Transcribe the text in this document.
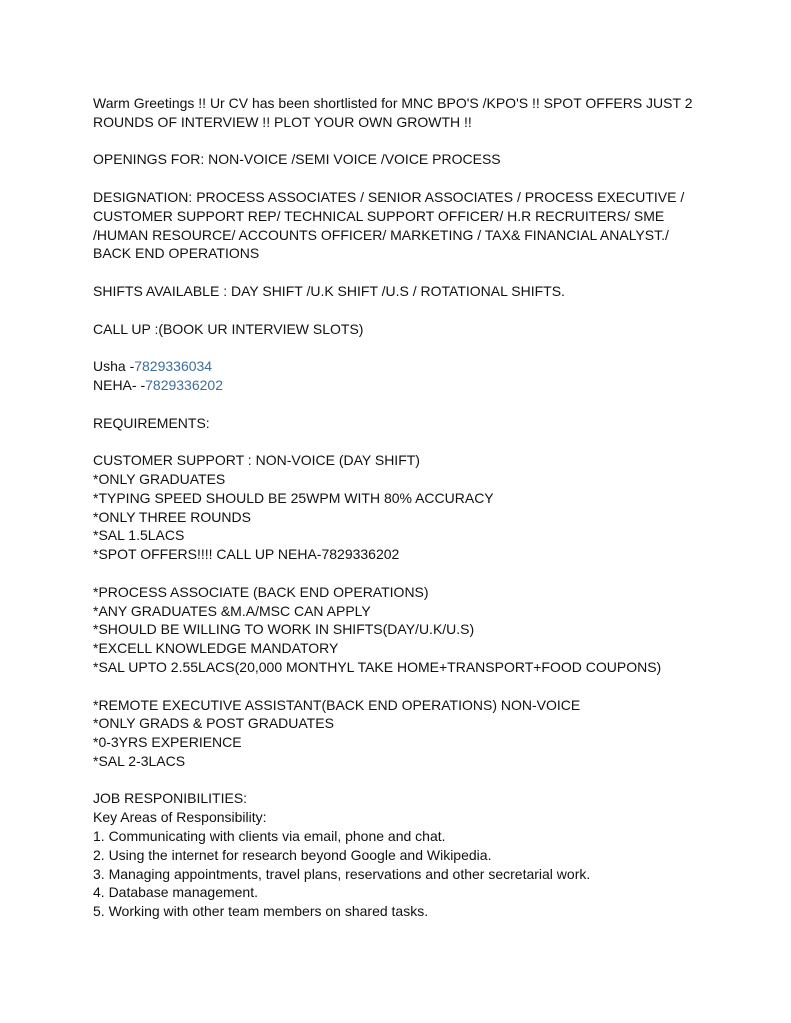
Warm Greetings !! Ur CV has been shortlisted for MNC BPO'S /KPO'S !! SPOT OFFERS JUST 2 ROUNDS OF INTERVIEW !! PLOT YOUR OWN GROWTH !!

OPENINGS FOR: NON-VOICE /SEMI VOICE /VOICE PROCESS

DESIGNATION: PROCESS ASSOCIATES / SENIOR ASSOCIATES / PROCESS EXECUTIVE / CUSTOMER SUPPORT REP/ TECHNICAL SUPPORT OFFICER/ H.R RECRUITERS/ SME /HUMAN RESOURCE/ ACCOUNTS OFFICER/ MARKETING / TAX& FINANCIAL ANALYST./ BACK END OPERATIONS

SHIFTS AVAILABLE : DAY SHIFT /U.K SHIFT /U.S / ROTATIONAL SHIFTS.

CALL UP :(BOOK UR INTERVIEW SLOTS)

Usha -7829336034
NEHA- -7829336202

REQUIREMENTS:

CUSTOMER SUPPORT : NON-VOICE (DAY SHIFT)
*ONLY GRADUATES
*TYPING SPEED SHOULD BE 25WPM WITH 80% ACCURACY
*ONLY THREE ROUNDS
*SAL 1.5LACS
*SPOT OFFERS!!!! CALL UP NEHA-7829336202

*PROCESS ASSOCIATE (BACK END OPERATIONS)
*ANY GRADUATES &M.A/MSC CAN APPLY
*SHOULD BE WILLING TO WORK IN SHIFTS(DAY/U.K/U.S)
*EXCELL KNOWLEDGE MANDATORY
*SAL UPTO 2.55LACS(20,000 MONTHYL TAKE HOME+TRANSPORT+FOOD COUPONS)

*REMOTE EXECUTIVE ASSISTANT(BACK END OPERATIONS) NON-VOICE
*ONLY GRADS & POST GRADUATES
*0-3YRS EXPERIENCE
*SAL 2-3LACS

JOB RESPONIBILITIES:
Key Areas of Responsibility:
1. Communicating with clients via email, phone and chat.
2. Using the internet for research beyond Google and Wikipedia.
3. Managing appointments, travel plans, reservations and other secretarial work.
4. Database management.
5. Working with other team members on shared tasks.
